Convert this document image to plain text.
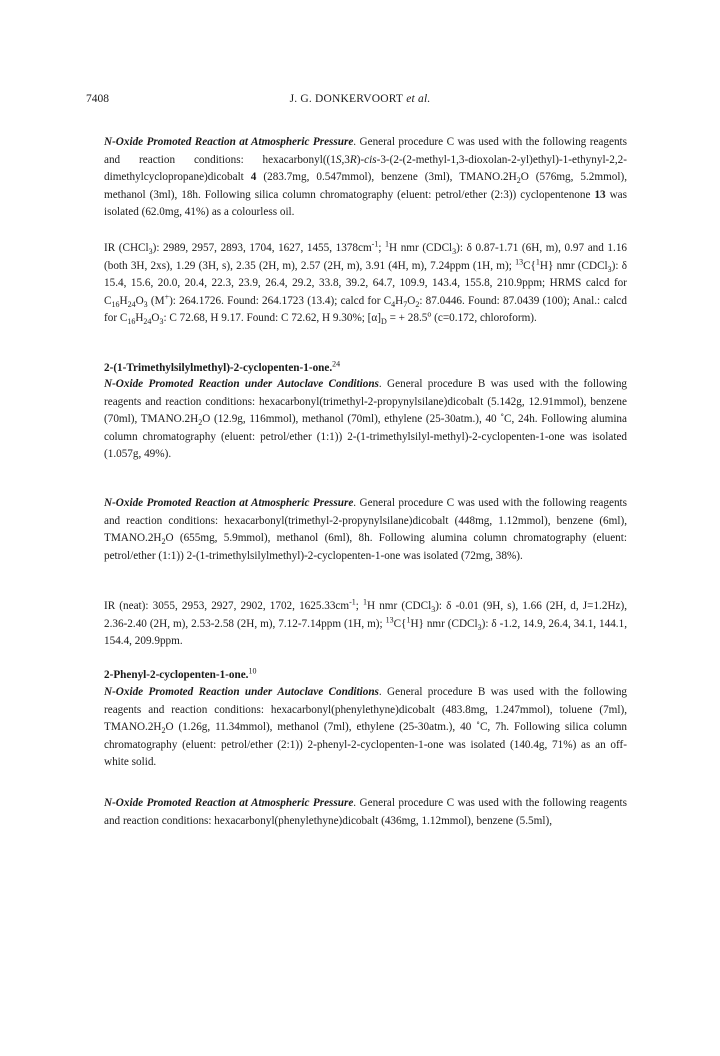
7408	J. G. DONKERVOORT et al.
N-Oxide Promoted Reaction at Atmospheric Pressure. General procedure C was used with the following reagents and reaction conditions: hexacarbonyl((1S,3R)-cis-3-(2-(2-methyl-1,3-dioxolan-2-yl)ethyl)-1-ethynyl-2,2-dimethylcyclopropane)dicobalt 4 (283.7mg, 0.547mmol), benzene (3ml), $TMANO.2H_2O$ (576mg, 5.2mmol), methanol (3ml), 18h. Following silica column chromatography (eluent: petrol/ether (2:3)) cyclopentenone 13 was isolated (62.0mg, 41%) as a colourless oil.
IR (CHCl$_3$): 2989, 2957, 2893, 1704, 1627, 1455, $1378cm^{-1}$; $^1$H nmr (CDCl$_3$): δ 0.87-1.71 (6H, m), 0.97 and 1.16 (both 3H, 2xs), 1.29 (3H, s), 2.35 (2H, m), 2.57 (2H, m), 3.91 (4H, m), 7.24ppm (1H, m); $^{13}$C{$^1$H} nmr (CDCl$_3$): δ 15.4, 15.6, 20.0, 20.4, 22.3, 23.9, 26.4, 29.2, 33.8, 39.2, 64.7, 109.9, 143.4, 155.8, 210.9ppm; HRMS calcd for $C_{16}H_{24}O_3$ (M+): 264.1726. Found: 264.1723 (13.4); calcd for $C_4H_7O_2$: 87.0446. Found: 87.0439 (100); Anal.: calcd for $C_{16}H_{24}O_3$: C 72.68, H 9.17. Found: C 72.62, H 9.30%; $[\alpha]_D$ = + $28.5^o$ (c=0.172, chloroform).
2-(1-Trimethylsilylmethyl)-2-cyclopenten-1-one.$^{24}$
N-Oxide Promoted Reaction under Autoclave Conditions. General procedure B was used with the following reagents and reaction conditions: hexacarbonyl(trimethyl-2-propynylsilane)dicobalt (5.142g, 12.91mmol), benzene (70ml), $TMANO.2H_2O$ (12.9g, 116mmol), methanol (70ml), ethylene (25-30atm.), 40 ˚C, 24h. Following alumina column chromatography (eluent: petrol/ether (1:1)) 2-(1-trimethylsilyl-methyl)-2-cyclopenten-1-one was isolated (1.057g, 49%).
N-Oxide Promoted Reaction at Atmospheric Pressure. General procedure C was used with the following reagents and reaction conditions: hexacarbonyl(trimethyl-2-propynylsilane)dicobalt (448mg, 1.12mmol), benzene (6ml), $TMANO.2H_2O$ (655mg, 5.9mmol), methanol (6ml), 8h. Following alumina column chromatography (eluent: petrol/ether (1:1)) 2-(1-trimethylsilylmethyl)-2-cyclopenten-1-one was isolated (72mg, 38%).
IR (neat): 3055, 2953, 2927, 2902, 1702, $1625.33cm^{-1}$; $^1$H nmr (CDCl$_3$): δ -0.01 (9H, s), 1.66 (2H, d, J=1.2Hz), 2.36-2.40 (2H, m), 2.53-2.58 (2H, m), 7.12-7.14ppm (1H, m); $^{13}$C{$^1$H} nmr (CDCl$_3$): δ -1.2, 14.9, 26.4, 34.1, 144.1, 154.4, 209.9ppm.
2-Phenyl-2-cyclopenten-1-one.$^{10}$
N-Oxide Promoted Reaction under Autoclave Conditions. General procedure B was used with the following reagents and reaction conditions: hexacarbonyl(phenylethyne)dicobalt (483.8mg, 1.247mmol), toluene (7ml), $TMANO.2H_2O$ (1.26g, 11.34mmol), methanol (7ml), ethylene (25-30atm.), 40 ˚C, 7h. Following silica column chromatography (eluent: petrol/ether (2:1)) 2-phenyl-2-cyclopenten-1-one was isolated (140.4g, 71%) as an off-white solid.
N-Oxide Promoted Reaction at Atmospheric Pressure. General procedure C was used with the following reagents and reaction conditions: hexacarbonyl(phenylethyne)dicobalt (436mg, 1.12mmol), benzene (5.5ml),
